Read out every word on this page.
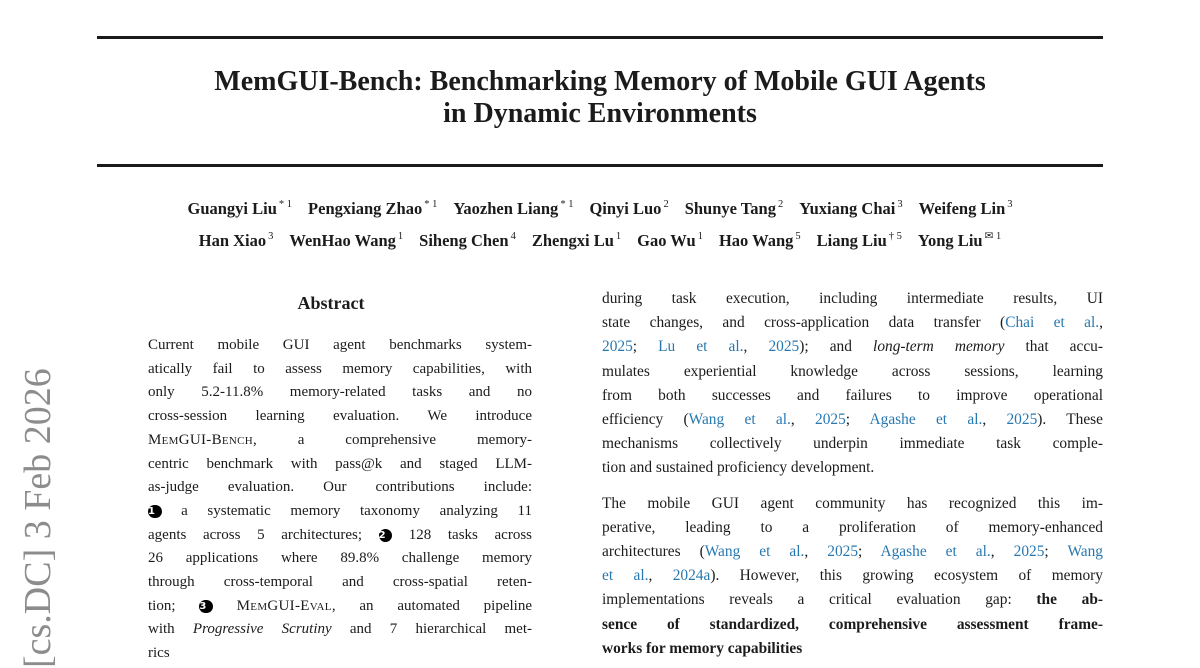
MemGUI-Bench: Benchmarking Memory of Mobile GUI Agents
in Dynamic Environments
Guangyi Liu $^{* 1}$ Pengxiang Zhao $^{* 1}$ Yaozhen Liang $^{* 1}$ Qinyi Luo $^2$ Shunye Tang $^2$ Yuxiang Chai $^3$ Weifeng Lin $^3$
Han Xiao $^3$ WenHao Wang $^1$ Siheng Chen $^4$ Zhengxi Lu $^1$ Gao Wu $^1$ Hao Wang $^5$ Liang Liu $^{\dagger 5}$ Yong Liu $^{✉ 1}$
Abstract
Current mobile GUI agent benchmarks system-
atically fail to assess memory capabilities, with
only 5.2-11.8% memory-related tasks and no
cross-session learning evaluation. We introduce
MemGUI-Bench, a comprehensive memory-
centric benchmark with pass@k and staged LLM-
as-judge evaluation. Our contributions include:
1 a systematic memory taxonomy analyzing 11
agents across 5 architectures; 2 128 tasks across
26 applications where 89.8% challenge memory
through cross-temporal and cross-spatial reten-
tion; 3 MemGUI-Eval, an automated pipeline
with Progressive Scrutiny and 7 hierarchical met-
rics
during task execution, including intermediate results, UI
state changes, and cross-application data transfer (Chai et al.,
2025; Lu et al., 2025); and long-term memory that accu-
mulates experiential knowledge across sessions, learning
from both successes and failures to improve operational
efficiency (Wang et al., 2025; Agashe et al., 2025). These
mechanisms collectively underpin immediate task comple-
tion and sustained proficiency development.
The mobile GUI agent community has recognized this im-
perative, leading to a proliferation of memory-enhanced
architectures (Wang et al., 2025; Agashe et al., 2025; Wang
et al., 2024a). However, this growing ecosystem of memory
implementations reveals a critical evaluation gap: the ab-
sence of standardized, comprehensive assessment frame-
works for memory capabilities
[cs.DC] 3 Feb 2026
